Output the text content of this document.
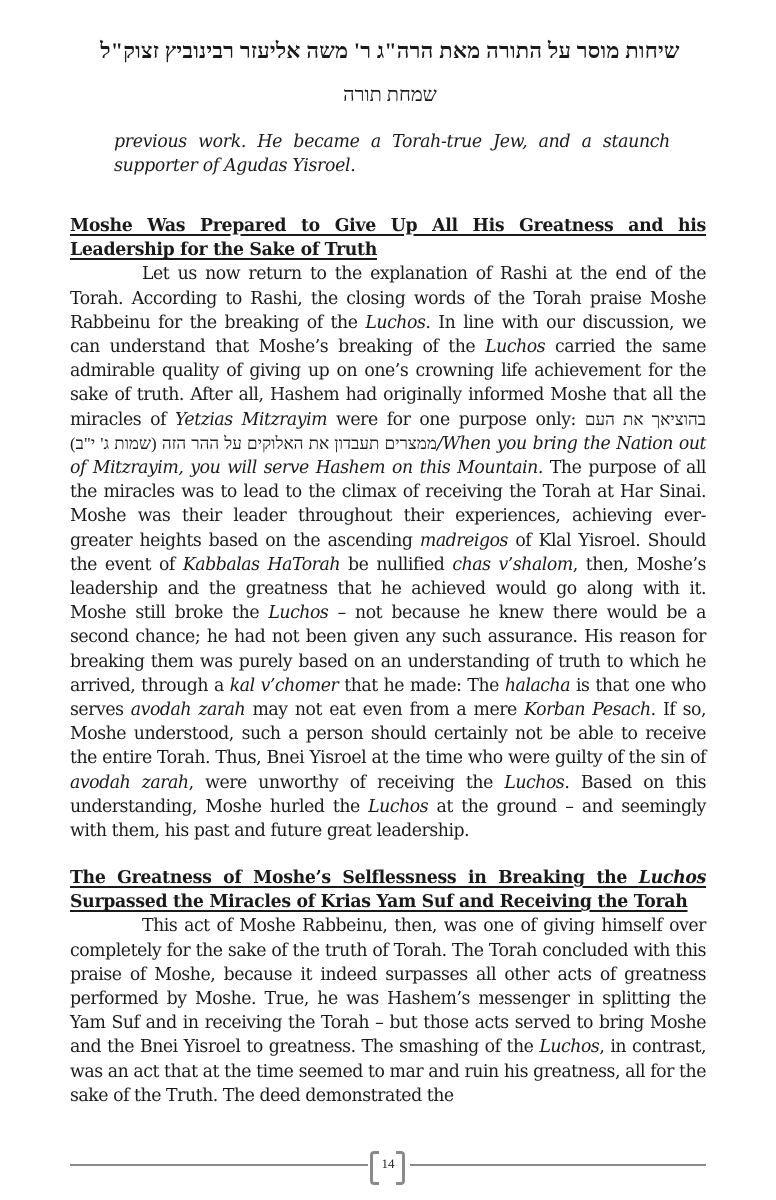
שיחות מוסר על התורה מאת הרה"ג ר' משה אליעזר רבינוביץ זצוק"ל
שמחת תורה

previous work. He became a Torah-true Jew, and a staunch supporter of Agudas Yisroel.

Moshe Was Prepared to Give Up All His Greatness and his Leadership for the Sake of Truth

Let us now return to the explanation of Rashi at the end of the Torah. According to Rashi, the closing words of the Torah praise Moshe Rabbeinu for the breaking of the Luchos. In line with our discussion, we can understand that Moshe’s breaking of the Luchos carried the same admirable quality of giving up on one’s crowning life achievement for the sake of truth. After all, Hashem had originally informed Moshe that all the miracles of Yetzias Mitzrayim were for one purpose only: בהוציאך את העם ממצרים תעבדון את האלוקים על ההר הזה (שמות ג' י"ב)/When you bring the Nation out of Mitzrayim, you will serve Hashem on this Mountain. The purpose of all the miracles was to lead to the climax of receiving the Torah at Har Sinai. Moshe was their leader throughout their experiences, achieving ever-greater heights based on the ascending madreigos of Klal Yisroel. Should the event of Kabbalas HaTorah be nullified chas v’shalom, then, Moshe’s leadership and the greatness that he achieved would go along with it. Moshe still broke the Luchos – not because he knew there would be a second chance; he had not been given any such assurance. His reason for breaking them was purely based on an understanding of truth to which he arrived, through a kal v’chomer that he made: The halacha is that one who serves avodah zarah may not eat even from a mere Korban Pesach. If so, Moshe understood, such a person should certainly not be able to receive the entire Torah. Thus, Bnei Yisroel at the time who were guilty of the sin of avodah zarah, were unworthy of receiving the Luchos. Based on this understanding, Moshe hurled the Luchos at the ground – and seemingly with them, his past and future great leadership.

The Greatness of Moshe’s Selflessness in Breaking the Luchos Surpassed the Miracles of Krias Yam Suf and Receiving the Torah

This act of Moshe Rabbeinu, then, was one of giving himself over completely for the sake of the truth of Torah. The Torah concluded with this praise of Moshe, because it indeed surpasses all other acts of greatness performed by Moshe. True, he was Hashem’s messenger in splitting the Yam Suf and in receiving the Torah – but those acts served to bring Moshe and the Bnei Yisroel to greatness. The smashing of the Luchos, in contrast, was an act that at the time seemed to mar and ruin his greatness, all for the sake of the Truth. The deed demonstrated the

14
